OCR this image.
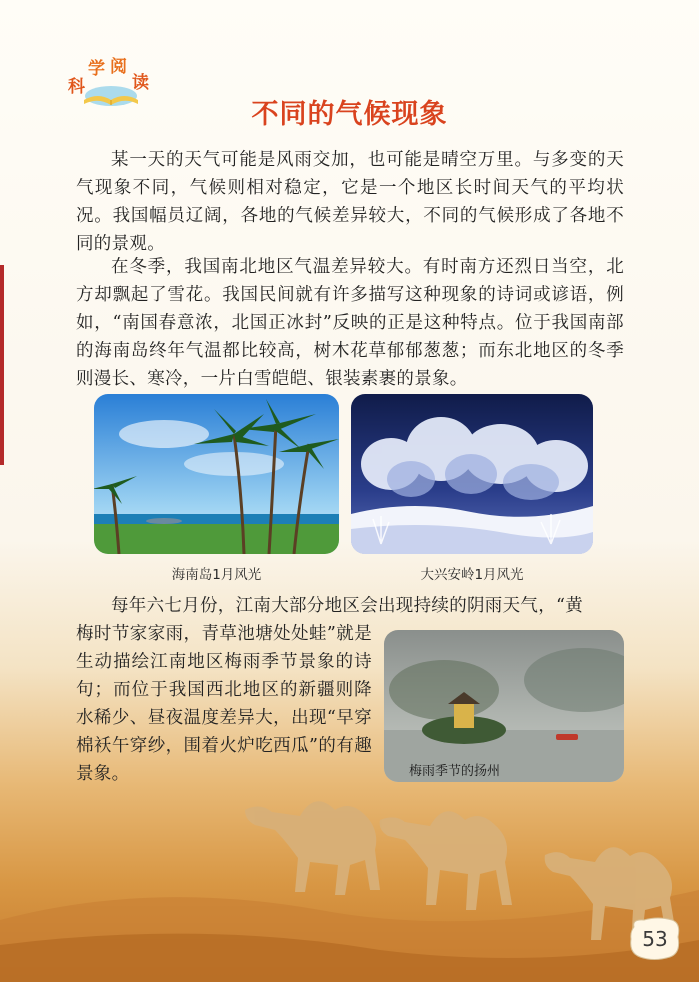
科
学 阅
读
不同的气候现象

某一天的天气可能是风雨交加，也可能是晴空万里。与多变的天气现象不同，气候则相对稳定，它是一个地区长时间天气的平均状况。我国幅员辽阔，各地的气候差异较大，不同的气候形成了各地不同的景观。

在冬季，我国南北地区气温差异较大。有时南方还烈日当空，北方却飘起了雪花。我国民间就有许多描写这种现象的诗词或谚语，例如，“南国春意浓，北国正冰封”反映的正是这种特点。位于我国南部的海南岛终年气温都比较高，树木花草郁郁葱葱；而东北地区的冬季则漫长、寒冷，一片白雪皑皑、银装素裹的景象。

海南岛1月风光	大兴安岭1月风光

每年六七月份，江南大部分地区会出现持续的阴雨天气，“黄

梅时节家家雨，青草池塘处处蛙”就是生动描绘江南地区梅雨季节景象的诗句；而位于我国西北地区的新疆则降水稀少、昼夜温度差异大，出现“早穿棉袄午穿纱，围着火炉吃西瓜”的有趣景象。	梅雨季节的扬州

53
